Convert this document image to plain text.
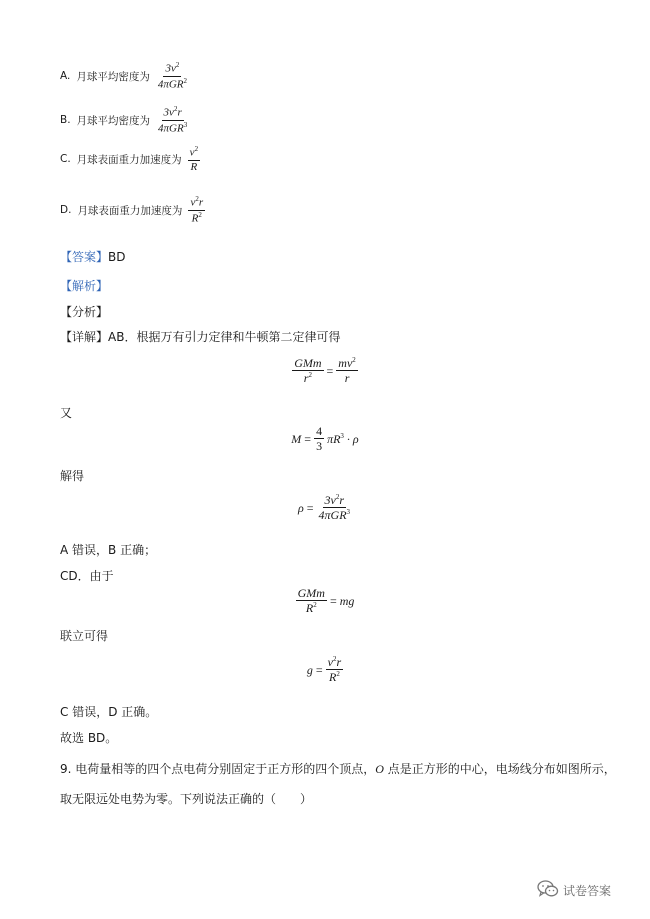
A. 月球平均密度为 $\frac{3v^2}{4\pi GR^2}$
B. 月球平均密度为 $\frac{3v^2r}{4\pi GR^3}$
C. 月球表面重力加速度为 $\frac{v^2}{R}$
D. 月球表面重力加速度为 $\frac{v^2r}{R^2}$
【答案】BD
【解析】
【分析】
【详解】AB．根据万有引力定律和牛顿第二定律可得
$\frac{\text{GMm}}{r^2} = \frac{mv^2}{r}$
又
$M = \frac{4}{3} \pi R^3 \cdot \rho$
解得
$\rho = \frac{3v^2r}{4\pi GR^3}$
A 错误，B 正确；
CD．由于
$\frac{\text{GMm}}{R^2}$ = mg
联立可得
$g = \frac{v^2r}{R^2}$
C 错误，D 正确。
故选 BD。
9. 电荷量相等的四个点电荷分别固定于正方形的四个顶点，O 点是正方形的中心，电场线分布如图所示，
取无限远处电势为零。下列说法正确的（　　）
试卷答案
